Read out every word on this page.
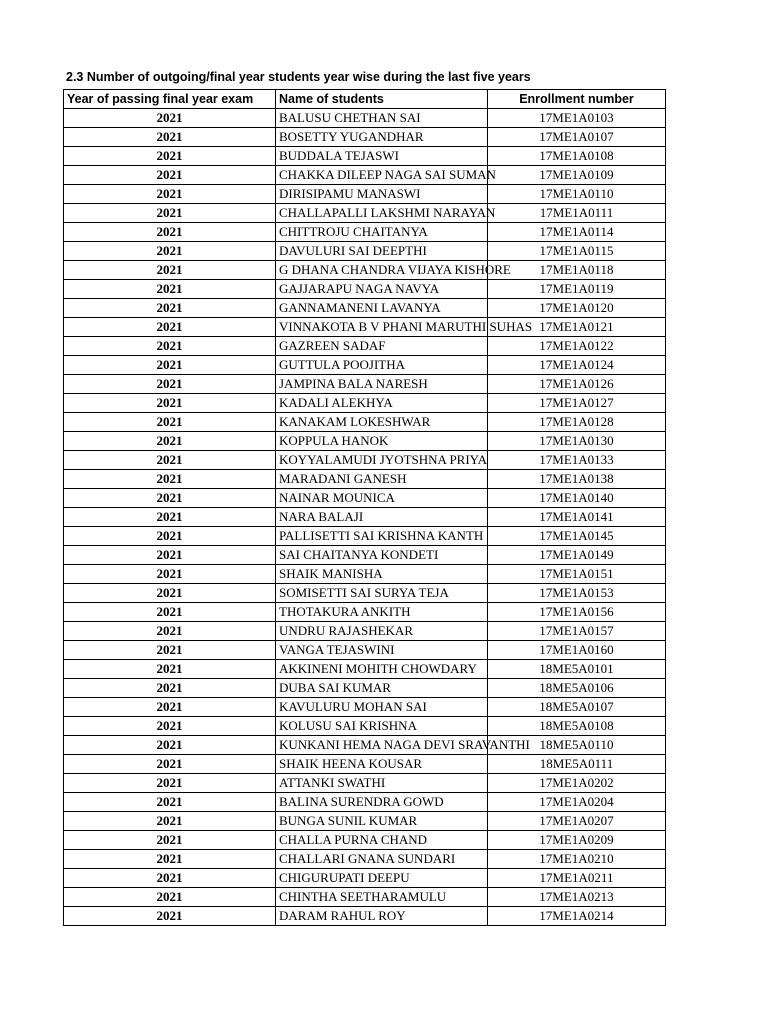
2.3 Number of outgoing/final year students year wise during the last five years
Year of passing final year exam	Name of students	Enrollment number
2021	BALUSU CHETHAN SAI	17ME1A0103
2021	BOSETTY YUGANDHAR	17ME1A0107
2021	BUDDALA TEJASWI	17ME1A0108
2021	CHAKKA DILEEP NAGA SAI SUMAN	17ME1A0109
2021	DIRISIPAMU MANASWI	17ME1A0110
2021	CHALLAPALLI LAKSHMI NARAYAN	17ME1A0111
2021	CHITTROJU CHAITANYA	17ME1A0114
2021	DAVULURI SAI DEEPTHI	17ME1A0115
2021	G DHANA CHANDRA VIJAYA KISHORE	17ME1A0118
2021	GAJJARAPU NAGA NAVYA	17ME1A0119
2021	GANNAMANENI LAVANYA	17ME1A0120
2021	VINNAKOTA B V PHANI MARUTHI SUHAS	17ME1A0121
2021	GAZREEN SADAF	17ME1A0122
2021	GUTTULA POOJITHA	17ME1A0124
2021	JAMPINA BALA NARESH	17ME1A0126
2021	KADALI ALEKHYA	17ME1A0127
2021	KANAKAM LOKESHWAR	17ME1A0128
2021	KOPPULA HANOK	17ME1A0130
2021	KOYYALAMUDI JYOTSHNA PRIYA	17ME1A0133
2021	MARADANI GANESH	17ME1A0138
2021	NAINAR MOUNICA	17ME1A0140
2021	NARA BALAJI	17ME1A0141
2021	PALLISETTI SAI KRISHNA KANTH	17ME1A0145
2021	SAI CHAITANYA KONDETI	17ME1A0149
2021	SHAIK MANISHA	17ME1A0151
2021	SOMISETTI SAI SURYA TEJA	17ME1A0153
2021	THOTAKURA ANKITH	17ME1A0156
2021	UNDRU RAJASHEKAR	17ME1A0157
2021	VANGA TEJASWINI	17ME1A0160
2021	AKKINENI MOHITH CHOWDARY	18ME5A0101
2021	DUBA SAI KUMAR	18ME5A0106
2021	KAVULURU MOHAN SAI	18ME5A0107
2021	KOLUSU SAI KRISHNA	18ME5A0108
2021	KUNKANI HEMA NAGA DEVI SRAVANTHI	18ME5A0110
2021	SHAIK HEENA KOUSAR	18ME5A0111
2021	ATTANKI SWATHI	17ME1A0202
2021	BALINA SURENDRA GOWD	17ME1A0204
2021	BUNGA SUNIL KUMAR	17ME1A0207
2021	CHALLA PURNA CHAND	17ME1A0209
2021	CHALLARI GNANA SUNDARI	17ME1A0210
2021	CHIGURUPATI DEEPU	17ME1A0211
2021	CHINTHA SEETHARAMULU	17ME1A0213
2021	DARAM RAHUL ROY	17ME1A0214
